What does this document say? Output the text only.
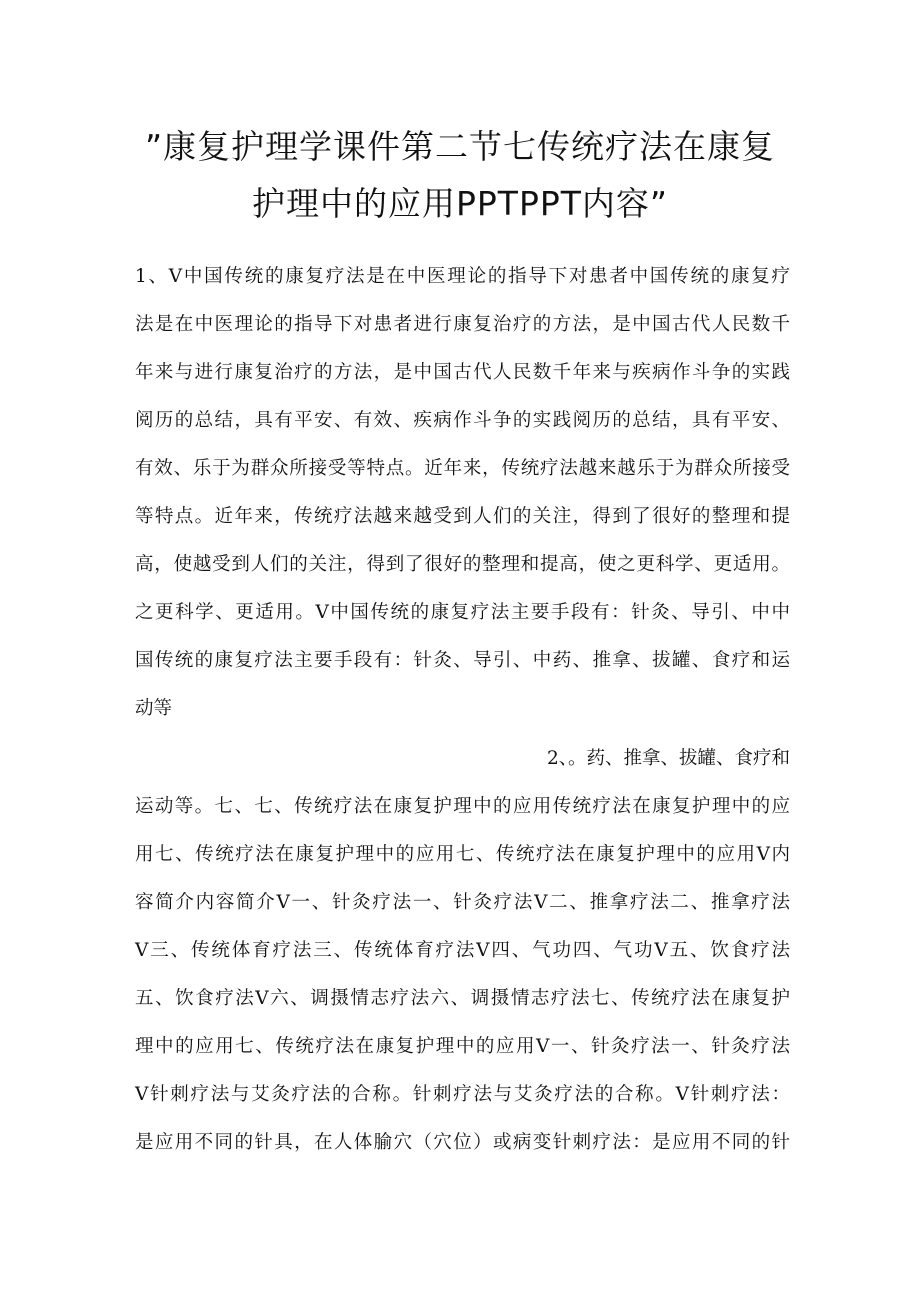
”康复护理学课件第二节七传统疗法在康复
护理中的应用PPTPPT内容”

1、V中国传统的康复疗法是在中医理论的指导下对患者中国传统的康复疗

法是在中医理论的指导下对患者进行康复治疗的方法，是中国古代人民数千

年来与进行康复治疗的方法，是中国古代人民数千年来与疾病作斗争的实践

阅历的总结，具有平安、有效、疾病作斗争的实践阅历的总结，具有平安、

有效、乐于为群众所接受等特点。近年来，传统疗法越来越乐于为群众所接受

等特点。近年来，传统疗法越来越受到人们的关注，得到了很好的整理和提

高，使越受到人们的关注，得到了很好的整理和提高，使之更科学、更适用。

之更科学、更适用。V中国传统的康复疗法主要手段有：针灸、导引、中中

国传统的康复疗法主要手段有：针灸、导引、中药、推拿、拔罐、食疗和运

动等

2、。药、推拿、拔罐、食疗和

运动等。七、七、传统疗法在康复护理中的应用传统疗法在康复护理中的应

用七、传统疗法在康复护理中的应用七、传统疗法在康复护理中的应用V内

容简介内容简介V一、针灸疗法一、针灸疗法V二、推拿疗法二、推拿疗法

V三、传统体育疗法三、传统体育疗法V四、气功四、气功V五、饮食疗法

五、饮食疗法V六、调摄情志疗法六、调摄情志疗法七、传统疗法在康复护

理中的应用七、传统疗法在康复护理中的应用V一、针灸疗法一、针灸疗法

V针刺疗法与艾灸疗法的合称。针刺疗法与艾灸疗法的合称。V针刺疗法：

是应用不同的针具，在人体腧穴（穴位）或病变针刺疗法：是应用不同的针
